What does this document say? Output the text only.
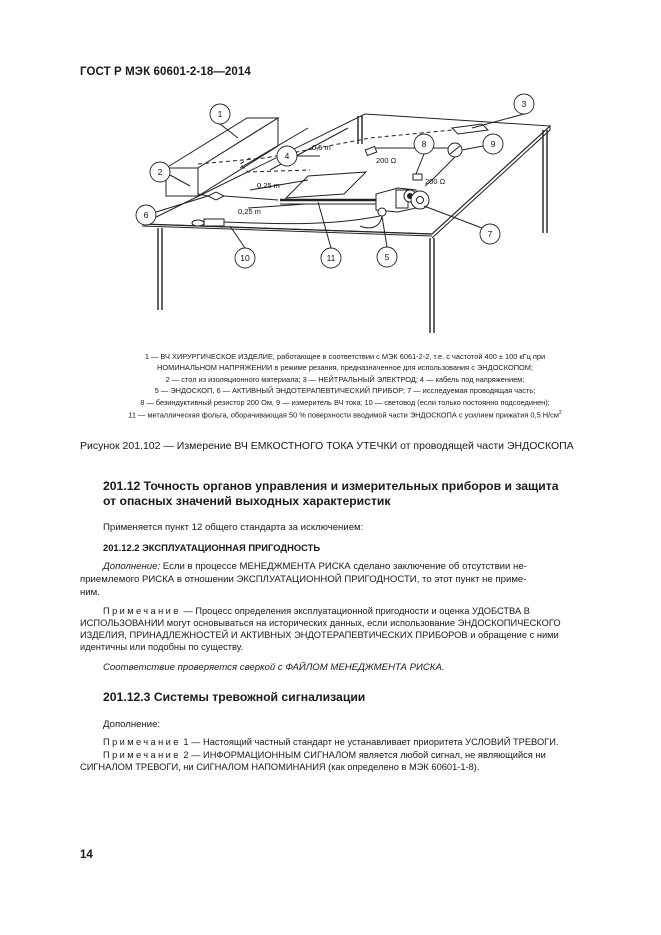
ГОСТ Р МЭК 60601-2-18—2014
1
2
3
4
5
6
7
8	9
10	11
0,5 m
0,25 m
0,25 m
200 Ω
200 Ω
1 — ВЧ ХИРУРГИЧЕСКОЕ ИЗДЕЛИЕ, работающее в соответствии с МЭК 6061-2-2, т.е. с частотой 400 ± 100 кГц при
НОМИНАЛЬНОМ НАПРЯЖЕНИИ в режиме резания, предназначенное для использования с ЭНДОСКОПОМ;
2 — стол из изоляционного материала; 3 — НЕЙТРАЛЬНЫЙ ЭЛЕКТРОД; 4 — кабель под напряжением;
5 — ЭНДОСКОП, 6 — АКТИВНЫЙ ЭНДОТЕРАПЕВТИЧЕСКИЙ ПРИБОР; 7 — исследуемая проводящая часть;
8 — безиндуктивный резистор 200 Ом, 9 — измеритель ВЧ тока; 10 — световод (если только постоянно подсоединен);
11 — металлическая фольга, оборачивающая 50 % поверхности вводимой части ЭНДОСКОПА с усилием прижатия 0,5 $Н/см^2$
Рисунок 201.102 — Измерение ВЧ ЕМКОСТНОГО ТОКА УТЕЧКИ от проводящей части ЭНДОСКОПА
201.12 Точность органов управления и измерительных приборов и защита
от опасных значений выходных характеристик
Применяется пункт 12 общего стандарта за исключением:
201.12.2 ЭКСПЛУАТАЦИОННАЯ ПРИГОДНОСТЬ
Дополнение: Если в процессе МЕНЕДЖМЕНТА РИСКА сделано заключение об отсутствии не-
приемлемого РИСКА в отношении ЭКСПЛУАТАЦИОННОЙ ПРИГОДНОСТИ, то этот пункт не приме-
ним.
Примечание — Процесс определения эксплуатационной пригодности и оценка УДОБСТВА В
ИСПОЛЬЗОВАНИИ могут основываться на исторических данных, если использование ЭНДОСКОПИЧЕСКОГО
ИЗДЕЛИЯ, ПРИНАДЛЕЖНОСТЕЙ И АКТИВНЫХ ЭНДОТЕРАПЕВТИЧЕСКИХ ПРИБОРОВ и обращение с ними
идентичны или подобны по существу.
Соответствие проверяется сверкой с ФАЙЛОМ МЕНЕДЖМЕНТА РИСКА.
201.12.3 Системы тревожной сигнализации
Дополнение:
Примечание 1 — Настоящий частный стандарт не устанавливает приоритета УСЛОВИЙ ТРЕВОГИ.
Примечание 2 — ИНФОРМАЦИОННЫМ СИГНАЛОМ является любой сигнал, не являющийся ни
СИГНАЛОМ ТРЕВОГИ, ни СИГНАЛОМ НАПОМИНАНИЯ (как определено в МЭК 60601-1-8).
14
